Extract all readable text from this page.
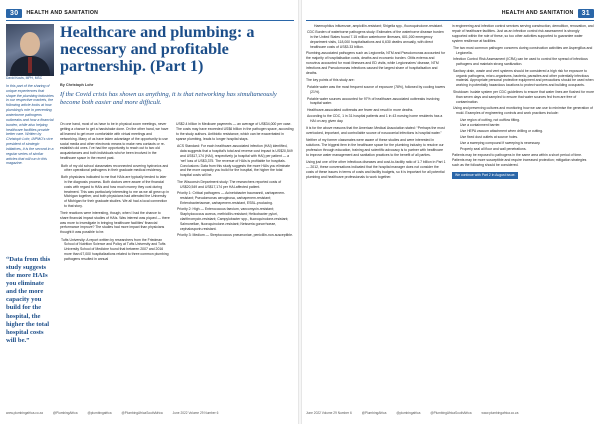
30	HEALTH AND SANITATION	HEALTH AND SANITATION	31
David Kouts, MPH, MSC
In this part of the sharing of unique experiences that shape the plumbing industries in our respective markets, the following article looks at how plumbing's role in preventing waterborne pathogens outbreaks and how a financial burden, while also helping healthcare facilities provide better care. Written by Christoph Lohr, IAPMO's vice president of strategic initiatives, it is the second in a regular series of similar articles that will run in this magazine.
“Data from this study suggests the more HAIs you eliminate and the more capacity you build for the hospital, the higher the total hospital costs will be.”
Healthcare and plumbing: a necessary and profitable partnership. (Part 1)
By Christoph Lohr
If the Covid crisis has shown us anything, it is that networking has simultaneously become both easier and more difficult.

On one hand, most of us have to be in physical zoom meetings, never getting a chance to get a handshake done. On the other hand, we have all learned to get more comfortable with virtual meetings and networking. Many of us have taken advantage of the opportunity to use social media and other electronic means to make new contacts or re-establish old ones. I've had the opportunity to reach out to two old acquaintances and both individuals who've been involved in the healthcare space in the recent past.

Both of my old school classmates reconnected covering hydronics and other operational pathogens in their graduate medical residency.

Both physicians indicated to me that HAIs are typically tended to later in the diagnosis process. Both doctors were aware of the financial costs with regard to HAIs and how much money they cost during treatment. This was particularly interesting to me as we all grew up in Michigan together, and both physicians had attended the University of Michigan for their graduate studies. We all had a local connection to that story.

Their reactions were interesting, though, when I had the chance to share financial impact studies of HAIs. Was interest was piqued — there was more to investigate in bringing healthcare facilities' financial performance improve? The studies had more impact than physicians thought it was possible to be.

Tufts University: A report written by researchers from the Friedman School of Nutrition Science and Policy at Tufts University and Tufts University School of Medicine found that between 2007 and 2016 more than 67,000 hospitalizations related to three common plumbing pathogens resulted in annual

US$2.4 billion in Medicare payments — an average of US$34,000 per case. The costs may have exceeded US$6 billion in the pathogen space, according to the study authors. Antibiotic resistance, which can be exacerbated in sparse plumbing, leads to longer hospital stays.

ACS Standard: For each healthcare-associated infection (HAI) identified, data suggests that a hospital's total and reverse cost impact is US$20,549 and US$17,174 (HAI), respectively (a hospital with HAI) per patient — a ‘net’ loss of US$3,375. The revenue of HAIs is profitable for hospitals. Conclusions: Data from this study suggests the more HAIs you eliminate and the more capacity you build for the hospital, the higher the total hospital costs will be.

The Wisconsin Department study: The researchers reported costs of US$20,549 and US$17,174 per HAI-affected patient.

Priority 1: Critical pathogens — Acinetobacter baumannii, carbapenem-resistant; Pseudomonas aeruginosa, carbapenem-resistant; Enterobacteriaceae, carbapenem-resistant, ESBL-producing.

Priority 2: High — Enterococcus faecium, vancomycin-resistant; Staphylococcus aureus, methicillin-resistant; Helicobacter pylori, clarithromycin-resistant; Campylobacter spp., fluoroquinolone-resistant; Salmonellae, fluoroquinolone-resistant; Neisseria gonorrhoeae, cephalosporin-resistant.

Priority 3: Medium — Streptococcus pneumoniae, penicillin-non-susceptible.

Haemophilus influenzae, ampicillin-resistant; Shigella spp., fluoroquinolone-resistant.

CDC Burden of waterborne pathogens study: Estimates of the waterborne disease burden in the United States found 7.15 million waterborne illnesses, 601,000 emergency department visits, 118,000 hospitalisations and 6,630 deaths annually, with direct healthcare costs of US$3.33 billion.

Plumbing-associated pathogens such as Legionella, NTM and Pseudomonas accounted for the majority of hospitalisation costs, deaths and economic burden. Otitis externa and norovirus accounted for most illnesses and ED visits, while Legionnaires' disease, NTM infections and Pseudomonas infections caused the largest share of hospitalisation and deaths.

The key points of this study are:

Potable water was the most frequent source of exposure (78%), followed by cooling towers (21%).

Potable water sources accounted for 97% of healthcare-associated outbreaks involving hospital water.

Healthcare-associated outbreaks are fewer and result in more deaths.

According to the CDC, 1 in 31 hospital patients and 1 in 43 nursing home residents has a HAI on any given day.

It is for the above reasons that the American Medical Association stated: “Perhaps the most overlooked, important, and controllable source of nosocomial infections is hospital water.”

Neither of my former classmates were aware of these studies and were interested in solutions. The biggest item in the healthcare space for the plumbing industry to resolve our profession through education, training and scientific advocacy is to partner with healthcare to improve water management and sanitation practices to the benefit of all parties.

Using just one of the other infectious diseases and cost-to-facility ratio of 1.7 billion in Part 1 — 2012, these conversations indicated that the hospital manager does not consider the costs of these issues in terms of costs and facility budgets, so it is important for all potential plumbing and healthcare professionals to work together.

in engineering and infection control services serving construction, demolition, renovation, and repair of healthcare facilities. Just as an infection control risk assessment is strongly supported within the role of these, so too other activities supported to guarantee water system resilience at facilities.

The two most common pathogen concerns during construction activities are Aspergillus and Legionella.

Infection Control Risk Assessment (ICRA) can be used to control the spread of infectious pathogens and maintain strong sanitization.

Sanitary drain, waste and vent systems should be considered a high risk for exposure to organic pathogens, micro-organisms, bacteria, parasites and other potentially infectious material. Appropriate personal protective equipment and precautions should be used when working in potentially hazardous locations to protect workers and building occupants.

Shutdown: Isolate system per CDC guidelines to ensure that water lines are flushed for more than seven days and sampled to ensure that water sources fed from are free of contamination.

Using and preserving cultures and monitoring how we can use to minimise the generation of mold. Examples of engineering controls and work practices include:

Use region of cutting, not outflow tilting.

Use a containment barrier.

Use HEPA vacuum attachment when drilling or cutting.

Use fixed dust outlets at source holes.

Use a sweeping compound if sweeping is necessary.

Properly seal all floor and wall penetrations.

Patients may be exposed to pathogens in the same area within a short period of time. Patients may be more susceptible and require increased protection; mitigation strategies such as the following should be considered.

We continue with Part 2 in August issue.
www.plumbingafrica.co.za	@PlumbingAfrica	@plumbingafrica	@PlumbingAfricaSouthAfrica	June 2022 Volume 29 Number 6	June 2022 Volume 29 Number 6	@PlumbingAfrica	@plumbingafrica	@PlumbingAfricaSouthAfrica	www.plumbingafrica.co.za
